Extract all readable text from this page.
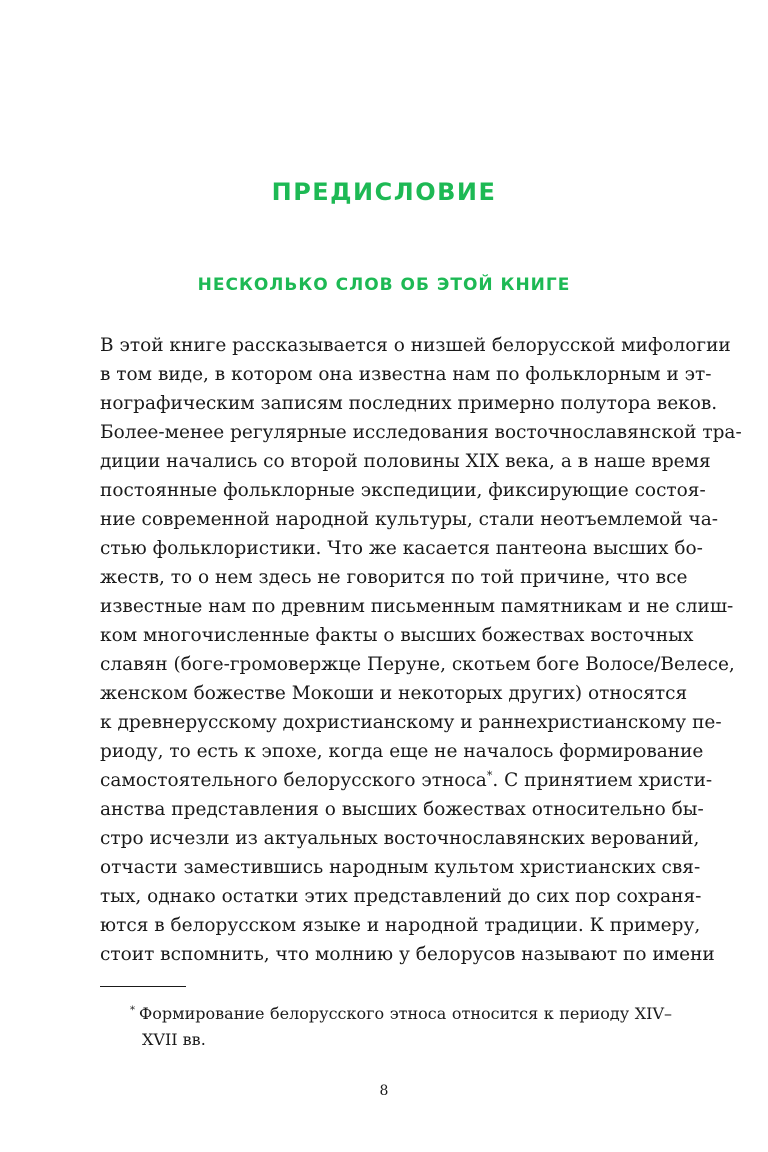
ПРЕДИСЛОВИЕ
НЕСКОЛЬКО СЛОВ ОБ ЭТОЙ КНИГЕ
В этой книге рассказывается о низшей белорусской мифологии
в том виде, в котором она известна нам по фольклорным и эт-
нографическим записям последних примерно полутора веков.
Более-менее регулярные исследования восточнославянской тра-
диции начались со второй половины XIX века, а в наше время
постоянные фольклорные экспедиции, фиксирующие состоя-
ние современной народной культуры, стали неотъемлемой ча-
стью фольклористики. Что же касается пантеона высших бо-
жеств, то о нем здесь не говорится по той причине, что все
известные нам по древним письменным памятникам и не слиш-
ком многочисленные факты о высших божествах восточных
славян (боге-громовержце Перуне, скотьем боге Волосе/Велесе,
женском божестве Мокоши и некоторых других) относятся
к древнерусскому дохристианскому и раннехристианскому пе-
риоду, то есть к эпохе, когда еще не началось формирование
самостоятельного белорусского этноса*. С принятием христи-
анства представления о высших божествах относительно бы-
стро исчезли из актуальных восточнославянских верований,
отчасти заместившись народным культом христианских свя-
тых, однако остатки этих представлений до сих пор сохраня-
ются в белорусском языке и народной традиции. К примеру,
стоит вспомнить, что молнию у белорусов называют по имени
* Формирование белорусского этноса относится к периоду XIV–
XVII вв.
8
